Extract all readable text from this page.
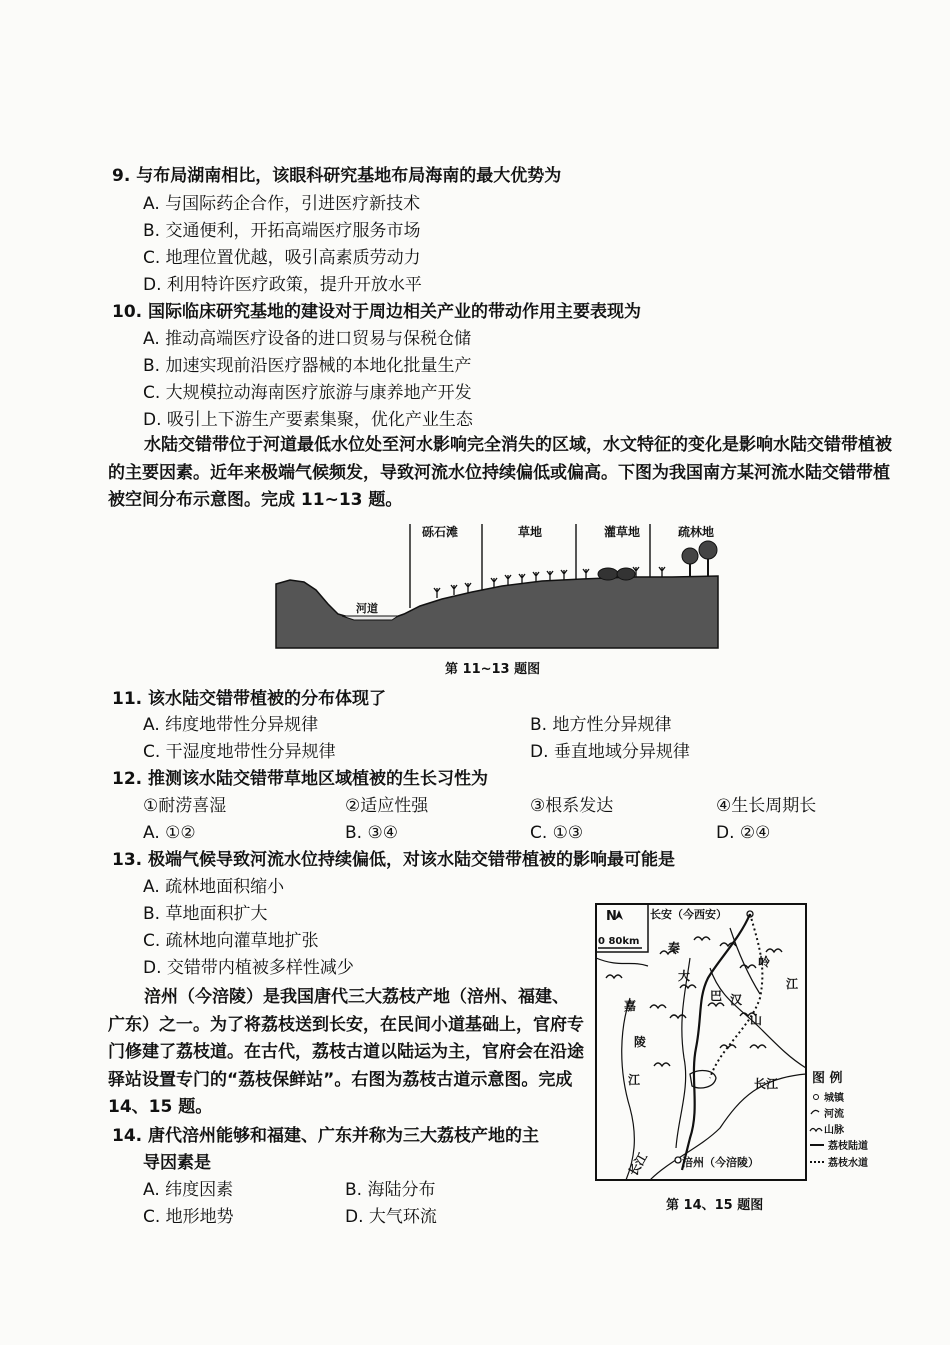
9. 与布局湖南相比，该眼科研究基地布局海南的最大优势为
A. 与国际药企合作，引进医疗新技术
B. 交通便利，开拓高端医疗服务市场
C. 地理位置优越，吸引高素质劳动力
D. 利用特许医疗政策，提升开放水平
10. 国际临床研究基地的建设对于周边相关产业的带动作用主要表现为
A. 推动高端医疗设备的进口贸易与保税仓储
B. 加速实现前沿医疗器械的本地化批量生产
C. 大规模拉动海南医疗旅游与康养地产开发
D. 吸引上下游生产要素集聚，优化产业生态
水陆交错带位于河道最低水位处至河水影响完全消失的区域，水文特征的变化是影响水陆交错带植被的主要因素。近年来极端气候频发，导致河流水位持续偏低或偏高。下图为我国南方某河流水陆交错带植被空间分布示意图。完成 11~13 题。
砾石滩	草地	灌草地	疏林地
河道
第 11~13 题图
11. 该水陆交错带植被的分布体现了
A. 纬度地带性分异规律	B. 地方性分异规律
C. 干湿度地带性分异规律	D. 垂直地域分异规律
12. 推测该水陆交错带草地区域植被的生长习性为
①耐涝喜湿	②适应性强	③根系发达	④生长周期长
A. ①②	B. ③④	C. ①③	D. ②④
13. 极端气候导致河流水位持续偏低，对该水陆交错带植被的影响最可能是
A. 疏林地面积缩小
B. 草地面积扩大
C. 疏林地向灌草地扩张
D. 交错带内植被多样性减少
涪州（今涪陵）是我国唐代三大荔枝产地（涪州、福建、广东）之一。为了将荔枝送到长安，在民间小道基础上，官府专门修建了荔枝道。在古代，荔枝古道以陆运为主，官府会在沿途驿站设置专门的“荔枝保鲜站”。右图为荔枝古道示意图。完成 14、15 题。
14. 唐代涪州能够和福建、广东并称为三大荔枝产地的主
导因素是
A. 纬度因素	B. 海陆分布
C. 地形地势	D. 大气环流
N
0 80km
长安（今西安）
秦
岭
大
巴
山
汉
江
嘉
陵
江	长江
长江	涪州（今涪陵）
图 例
城镇
河流
山脉
荔枝陆道
荔枝水道
第 14、15 题图
